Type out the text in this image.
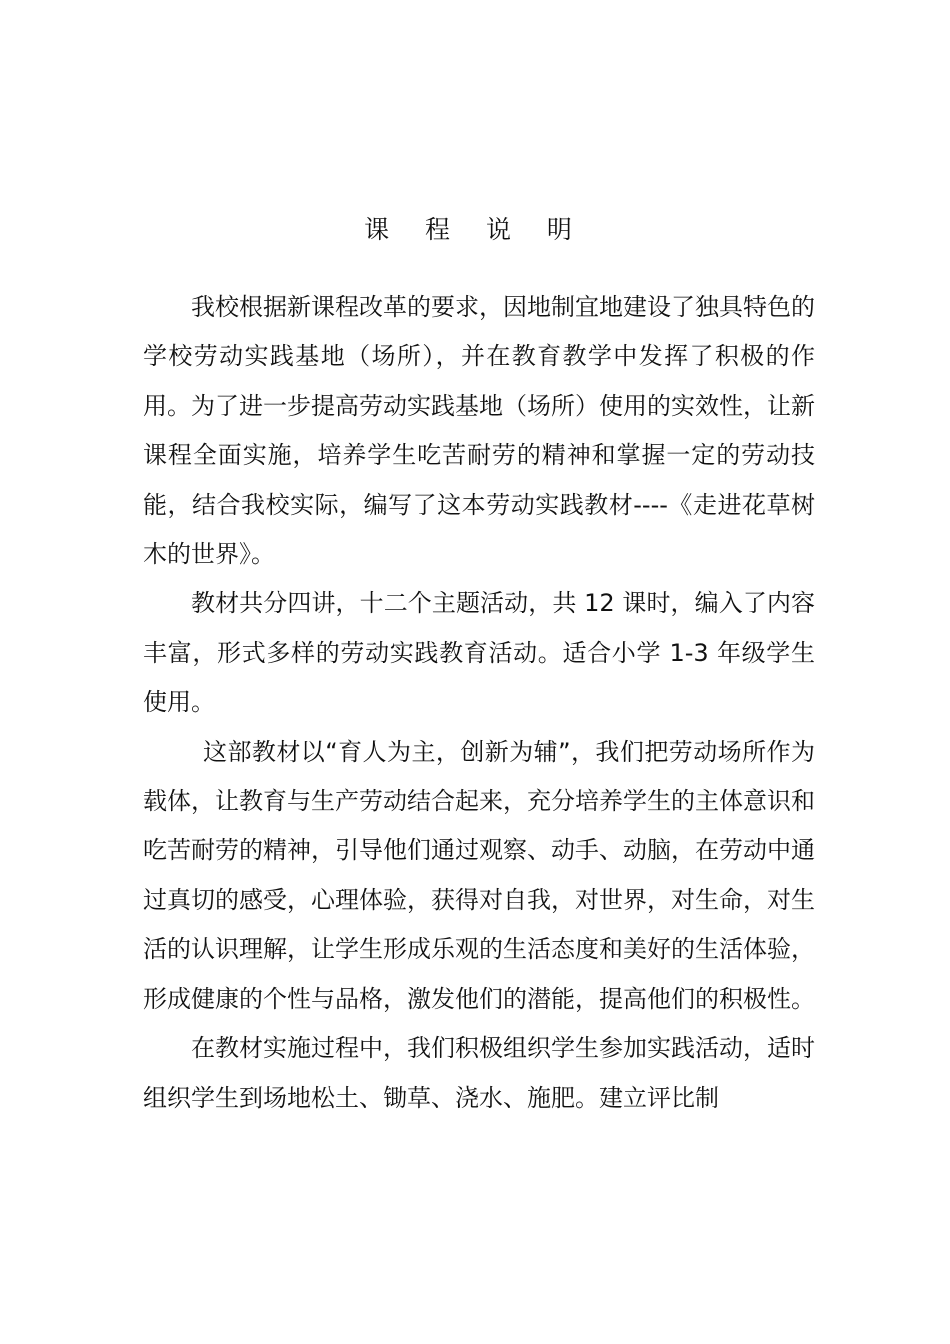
课 程 说 明

我校根据新课程改革的要求，因地制宜地建设了独具特色的学校劳动实践基地（场所），并在教育教学中发挥了积极的作用。为了进一步提高劳动实践基地（场所）使用的实效性，让新课程全面实施，培养学生吃苦耐劳的精神和掌握一定的劳动技能，结合我校实际，编写了这本劳动实践教材----《走进花草树木的世界》。

教材共分四讲，十二个主题活动，共 12 课时，编入了内容丰富，形式多样的劳动实践教育活动。适合小学 1-3 年级学生使用。

这部教材以“育人为主，创新为辅”，我们把劳动场所作为载体，让教育与生产劳动结合起来，充分培养学生的主体意识和吃苦耐劳的精神，引导他们通过观察、动手、动脑，在劳动中通过真切的感受，心理体验，获得对自我，对世界，对生命，对生活的认识理解，让学生形成乐观的生活态度和美好的生活体验，形成健康的个性与品格，激发他们的潜能，提高他们的积极性。

在教材实施过程中，我们积极组织学生参加实践活动，适时组织学生到场地松土、锄草、浇水、施肥。建立评比制
